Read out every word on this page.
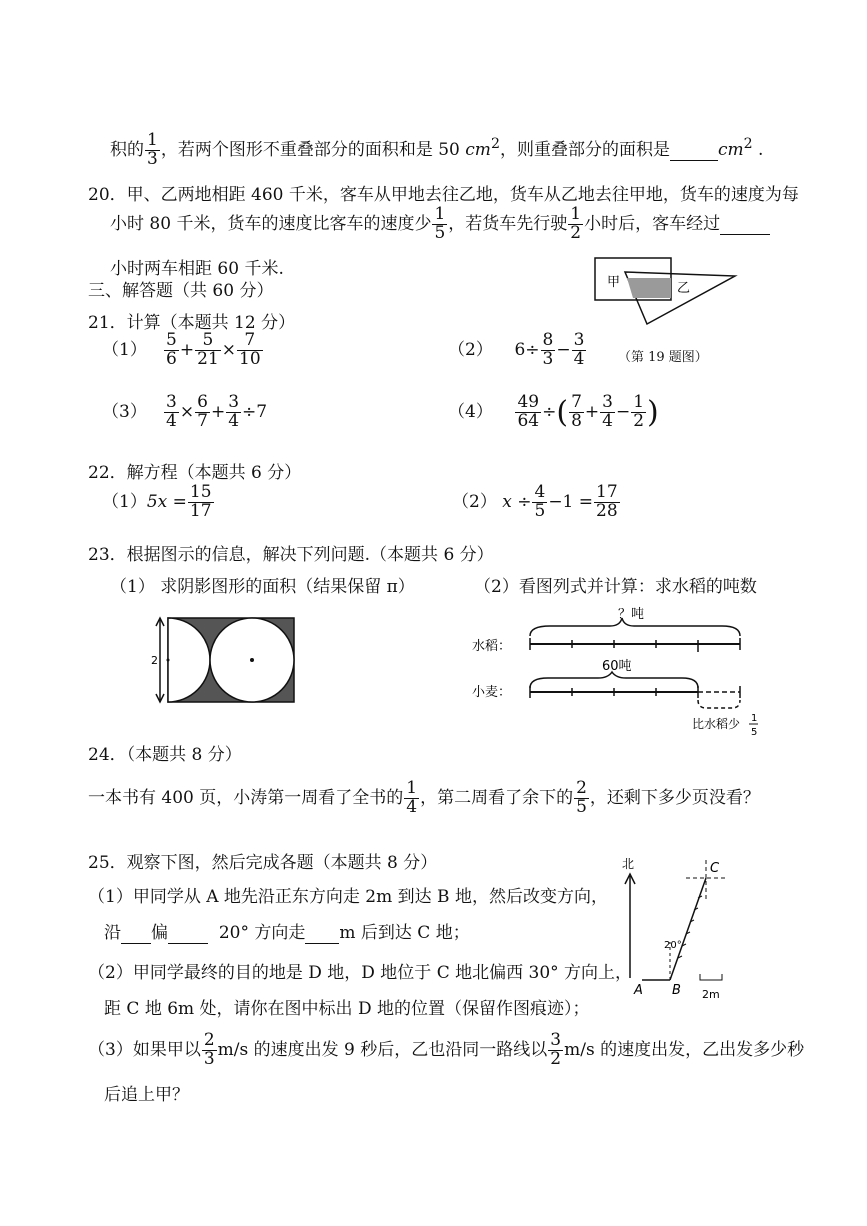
积的 $\frac{1}{3}$ ，若两个图形不重叠部分的面积和是 50 $cm^2$，则重叠部分的面积是	$cm^2$ .
20．甲、乙两地相距 460 千米，客车从甲地去往乙地，货车从乙地去往甲地，货车的速度为每
小时 80 千米，货车的速度比客车的速度少 $\frac{1}{5}$ ，若货车先行驶 $\frac{1}{2}$ 小时后，客车经过
小时两车相距 60 千米.
甲	乙
（第 19 题图）
三、解答题（共 60 分）
21．计算（本题共 12 分）
$(1) \frac{5}{6} + \frac{5}{21} \times \frac{7}{10}$	（2） $6\div \frac{8}{3} - \frac{3}{4}$
$(3) \frac{3}{4} \times \frac{6}{7} + \frac{3}{4} \div 7$	$(4) \frac{49}{64}$ ÷( $\frac{7}{8} + \frac{3}{4} - \frac{1}{2}$ )
22．解方程（本题共 6 分）
$(1)5x = \frac{15}{17}$	（2） $x \div \frac{4}{5} -1 = \frac{17}{28}$
23．根据图示的信息，解决下列问题.（本题共 6 分）
（1） 求阴影图形的面积（结果保留 π）	（2）看图列式并计算：求水稻的吨数
2
？吨
水稻：
60吨
小麦：
比水稻少 1
5
24．（本题共 8 分）
一本书有 400 页，小涛第一周看了全书的 $\frac{1}{4}$ ，第二周看了余下的 $\frac{2}{5}$ ，还剩下多少页没看？
25．观察下图，然后完成各题（本题共 8 分）
（1）甲同学从 A 地先沿正东方向走 2m 到达 B 地，然后改变方向，
沿 偏	20° 方向走 m 后到达 C 地；
（2）甲同学最终的目的地是 D 地，D 地位于 C 地北偏西 30° 方向上，
距 C 地 6m 处，请你在图中标出 D 地的位置（保留作图痕迹）；
（3）如果甲以 $\frac{2}{3} m/s$ 的速度出发 9 秒后，乙也沿同一路线以 $\frac{3}{2} m/s$ 的速度出发，乙出发多少秒
后追上甲？
北
20°
A B
C
2m
